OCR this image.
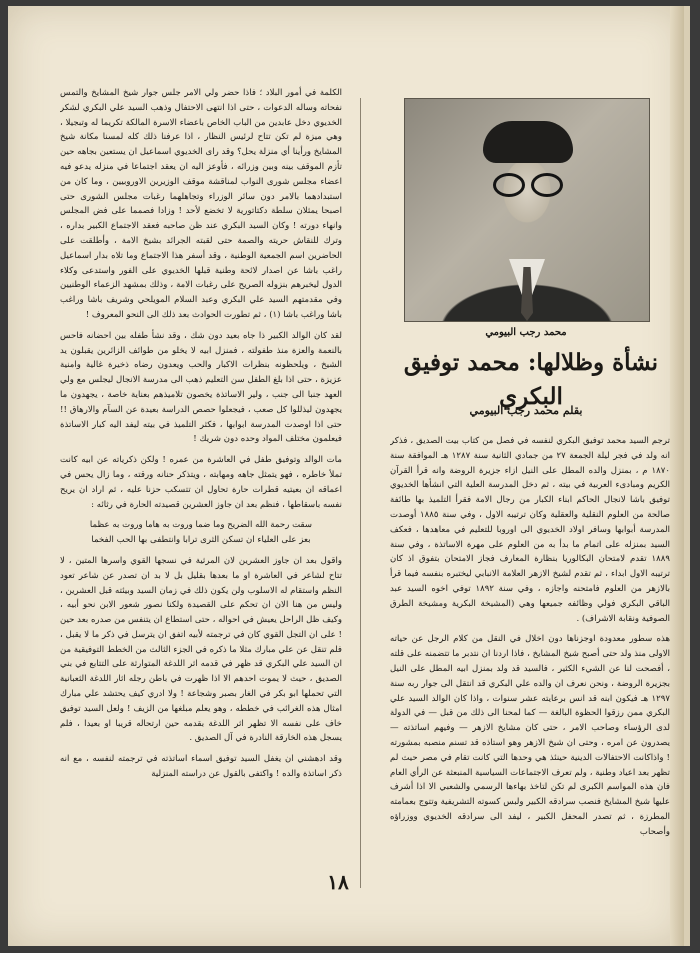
الكلمة في أمور البلاد ؛ فاذا حضر ولي الامر جلس جوار شيخ المشايخ والتمس نفحاته وساله الدعوات ، حتى اذا انتهى الاحتفال وذهب السيد علي البكري لشكر الخديوي دخل عابدين من الباب الخاص باعضاء الاسرة المالكة تكريما له وتبجيلا ، وهي ميزة لم تكن تتاح لرئيس النظار ، اذا عرفنا ذلك كله لمسنا مكانة شيخ المشايخ ورأينا أي منزلة يحل؟ وقد راى الخديوي اسماعيل ان يستعين بجاهه حين تأزم الموقف بينه وبين وزرائه ، فأوعز اليه ان يعقد اجتماعا في منزله يدعو فيه اعضاء مجلس شورى النواب لمناقشة موقف الوزيرين الاوروبيين ، وما كان من استبدادهما بالامر دون سائر الوزراء وتجاهلهما رغبات مجلس الشورى حتى اصبحا يمثلان سلطة دكتاتورية لا تخضع لأحد ! وزادا فصمما على فض المجلس وانهاء دورته ! وكان السيد البكري عند ظن صاحبه فعقد الاجتماع الكبير بداره ، وترك للنقاش حريته والصمة حتى لقبته الجرائد بشيخ الامة ، وأطلقت على الحاضرين اسم الجمعية الوطنية ، وقد أسفر هذا الاجتماع وما تلاه بدار اسماعيل راغب باشا عن اصدار لائحة وطنية قبلها الخديوي على الفور واستدعى وكلاء الدول ليخبرهم بنزوله الصريح على رغبات الامة ، وذلك بمشهد الزعماء الوطنيين وفي مقدمتهم السيد علي البكري وعبد السلام المويلحي وشريف باشا وراغب باشا وراغب باشا (١) ، ثم تطورت الحوادث بعد ذلك الى النحو المعروف !

لقد كان الوالد الكبير ذا جاه بعيد دون شك ، وقد نشأ طفله بين احضانه فاحس بالنعمة والعزة منذ طفولته ، فمنزل ابيه لا يخلو من طوائف الزائرين يقبلون يد الشيخ ، ويلحظونه بنظرات الاكبار والحب ويعدون رضاه ذخيرة غالية وامنية عزيزة ، حتى اذا بلغ الطفل سن التعليم ذهب الى مدرسة الانجال ليجلس مع ولي العهد جنبا الى جنب ، ولير الاساتذة يخصون تلاميذهم بعناية خاصة ، يجهدون ما يجهدون ليذللوا كل صعب ، فيجعلوا حصص الدراسة بعيدة عن السآم والارهاق !! حتى اذا اوصدت المدرسة ابوابها ، فكثر التلميذ في بيته ليفد اليه كبار الاساتذة فيعلمون مختلف المواد وحده دون شريك !

مات الوالد وتوفيق طفل في العاشرة من عمره ! ولكن ذكرياته عن ابيه كانت تملأ خاطره ، فهو يتمثل جاهه ومهابته ، ويتذكر حنانه ورقته ، وما زال يحس في اعماقه ان بعيتيه قطرات حارة تحاول ان تتسكب حزنا عليه ، ثم اراد ان يريح نفسه باسقاطها ، فنظم بعد ان جاوز العشرين قصيدته الحارة في رثائه :

سقت رحمة الله الضريح وما ضما وروت به هاما وروت به عظما

بعز على العلياء ان تسكن الثرى ترابا وانتطفى بها الحب الفخما

واقول بعد ان جاوز العشرين لان المرثية في نسجها القوي واسرها المتين ، لا تتاح لشاعر في العاشرة او ما بعدها بقليل بل لا بد ان تصدر عن شاعر تعود النظم واستقام له الاسلوب ولن يكون ذلك في زمان السيد وبيئته قبل العشرين ، وليس من هنا الان ان تحكم على القصيدة ولكنا نصور شعور الابن نحو أبيه ، وكيف ظل الراحل يعيش في احواله ، حتى استطاع ان يتنفس من صدره بعد حين ! على ان التجل القوي كان في ترجمته لأبيه اتفق ان يترسل في ذكر ما لا يقبل ، فلم تنقل عن علي مبارك مثلا ما ذكره في الجزء الثالث من الخطط التوفيقية من ان السيد علي البكري قد ظهر في قدمه اثر اللدغة المتوارثة على التتابع في بني الصديق ، حيث لا يموت احدهم الا اذا ظهرت في باطن رجله اثار اللدغة الثعبانية التي تحملها ابو بكر في الغار بصبر وشجاعة ! ولا ادري كيف يحتشد علي مبارك امثال هذه الغرائب في خططه ، وهو يعلم مبلغها من الزيف ! ولعل السيد توفيق خاف على نفسه الا تظهر اثر اللدغة بقدمه حين ارتحاله قريبا او بعيدا ، فلم يسجل هذه الخارقة النادرة في آل الصديق .

وقد ادهشني ان يغفل السيد توفيق اسماء اساتذته في ترجمته لنفسه ، مع انه ذكر اساتذة والده ! واكتفى بالقول عن دراسته المنزلية

محمد رجب البيومي
نشأة وظلالها: محمد توفيق البكري
بقلم محمد رجب البيومي

ترجم السيد محمد توفيق البكري لنفسه في فصل من كتاب بيت الصديق ، فذكر انه ولد في فجر ليلة الجمعة ٢٧ من جمادي الثانية سنة ١٢٨٧ هـ الموافقة سنة ١٨٧٠ م ، بمنزل والده المطل على النيل ازاء جزيرة الروضة وانه قرأ القرآن الكريم ومبادىء العربية في بيته ، ثم دخل المدرسة العلية التي انشأها الخديوي توفيق باشا لانجال الحاكم ابناء الكبار من رجال الامة فقرأ التلميذ بها طائفة صالحة من العلوم النقلية والعقلية وكان ترتيبه الاول ، وفي سنة ١٨٨٥ أوصدت المدرسة أبوابها وسافر اولاد الخديوي الى اوروبا للتعليم في معاهدها ، فعكف السيد بمنزله على اتمام ما بدأ به من العلوم على مهرة الاساتذة ، وفي سنة ١٨٨٩ تقدم لامتحان البكالوريا بنظارة المعارف فجاز الامتحان بتفوق اذ كان ترتيبه الاول ابداء ، ثم تقدم لشيخ الازهر العلامة الانبابي ليختبره بنفسه فيما قرأ بالازهر من العلوم فامتحنه واجازه ، وفي سنة ١٨٩٢ توفي اخوه السيد عبد الباقي البكري فولي وظائفه جميعها وهي (المشيخة البكرية ومشيخة الطرق الصوفية ونقابة الاشراف) .

هذه سطور معدودة اوجزناها دون اخلال في النقل من كلام الرجل عن حياته الاولى منذ ولد حتى أصبح شيخ المشايخ ، فاذا اردنا ان نتدبر ما تتضمنه على قلته ، أفصحت لنا عن الشيء الكثير ، فالسيد قد ولد بمنزل ابيه المطل على النيل بجزيرة الروضة ، ونحن نعرف ان والده علي البكري قد انتقل الى جوار ربه سنة ١٢٩٧ هـ فيكون ابنه قد انس برعايته عشر سنوات ، واذا كان الوالد السيد علي البكري ممن رزقوا الحظوة البالغة — كما لمحنا الى ذلك من قبل — في الدولة لدى الرؤساء وصاحب الامر ، حتى كان مشايخ الازهر — وفيهم اساتذته — يصدرون عن امره ، وحتى ان شيخ الازهر وهو استاذه قد تسنم منصبه بمشورته ! واذاكانت الاحتفالات الدينية حينئذ هي وحدها التي كانت تقام في مصر حيث لم تظهر بعد اعياد وطنية ، ولم تعرف الاجتماعات السياسية المنبعثة عن الرأي العام فان هذه المواسم الكبرى لم تكن لتاخذ بهاءها الرسمي والشعبي الا اذا أشرف عليها شيخ المشايخ فنصب سرادقه الكبير ولبس كسوته التشريفية وتتوج بعمامته المطرزة ، ثم تصدر المحفل الكبير ، ليفد الى سرادقه الخديوي ووزراؤه وأصحاب

١٨
